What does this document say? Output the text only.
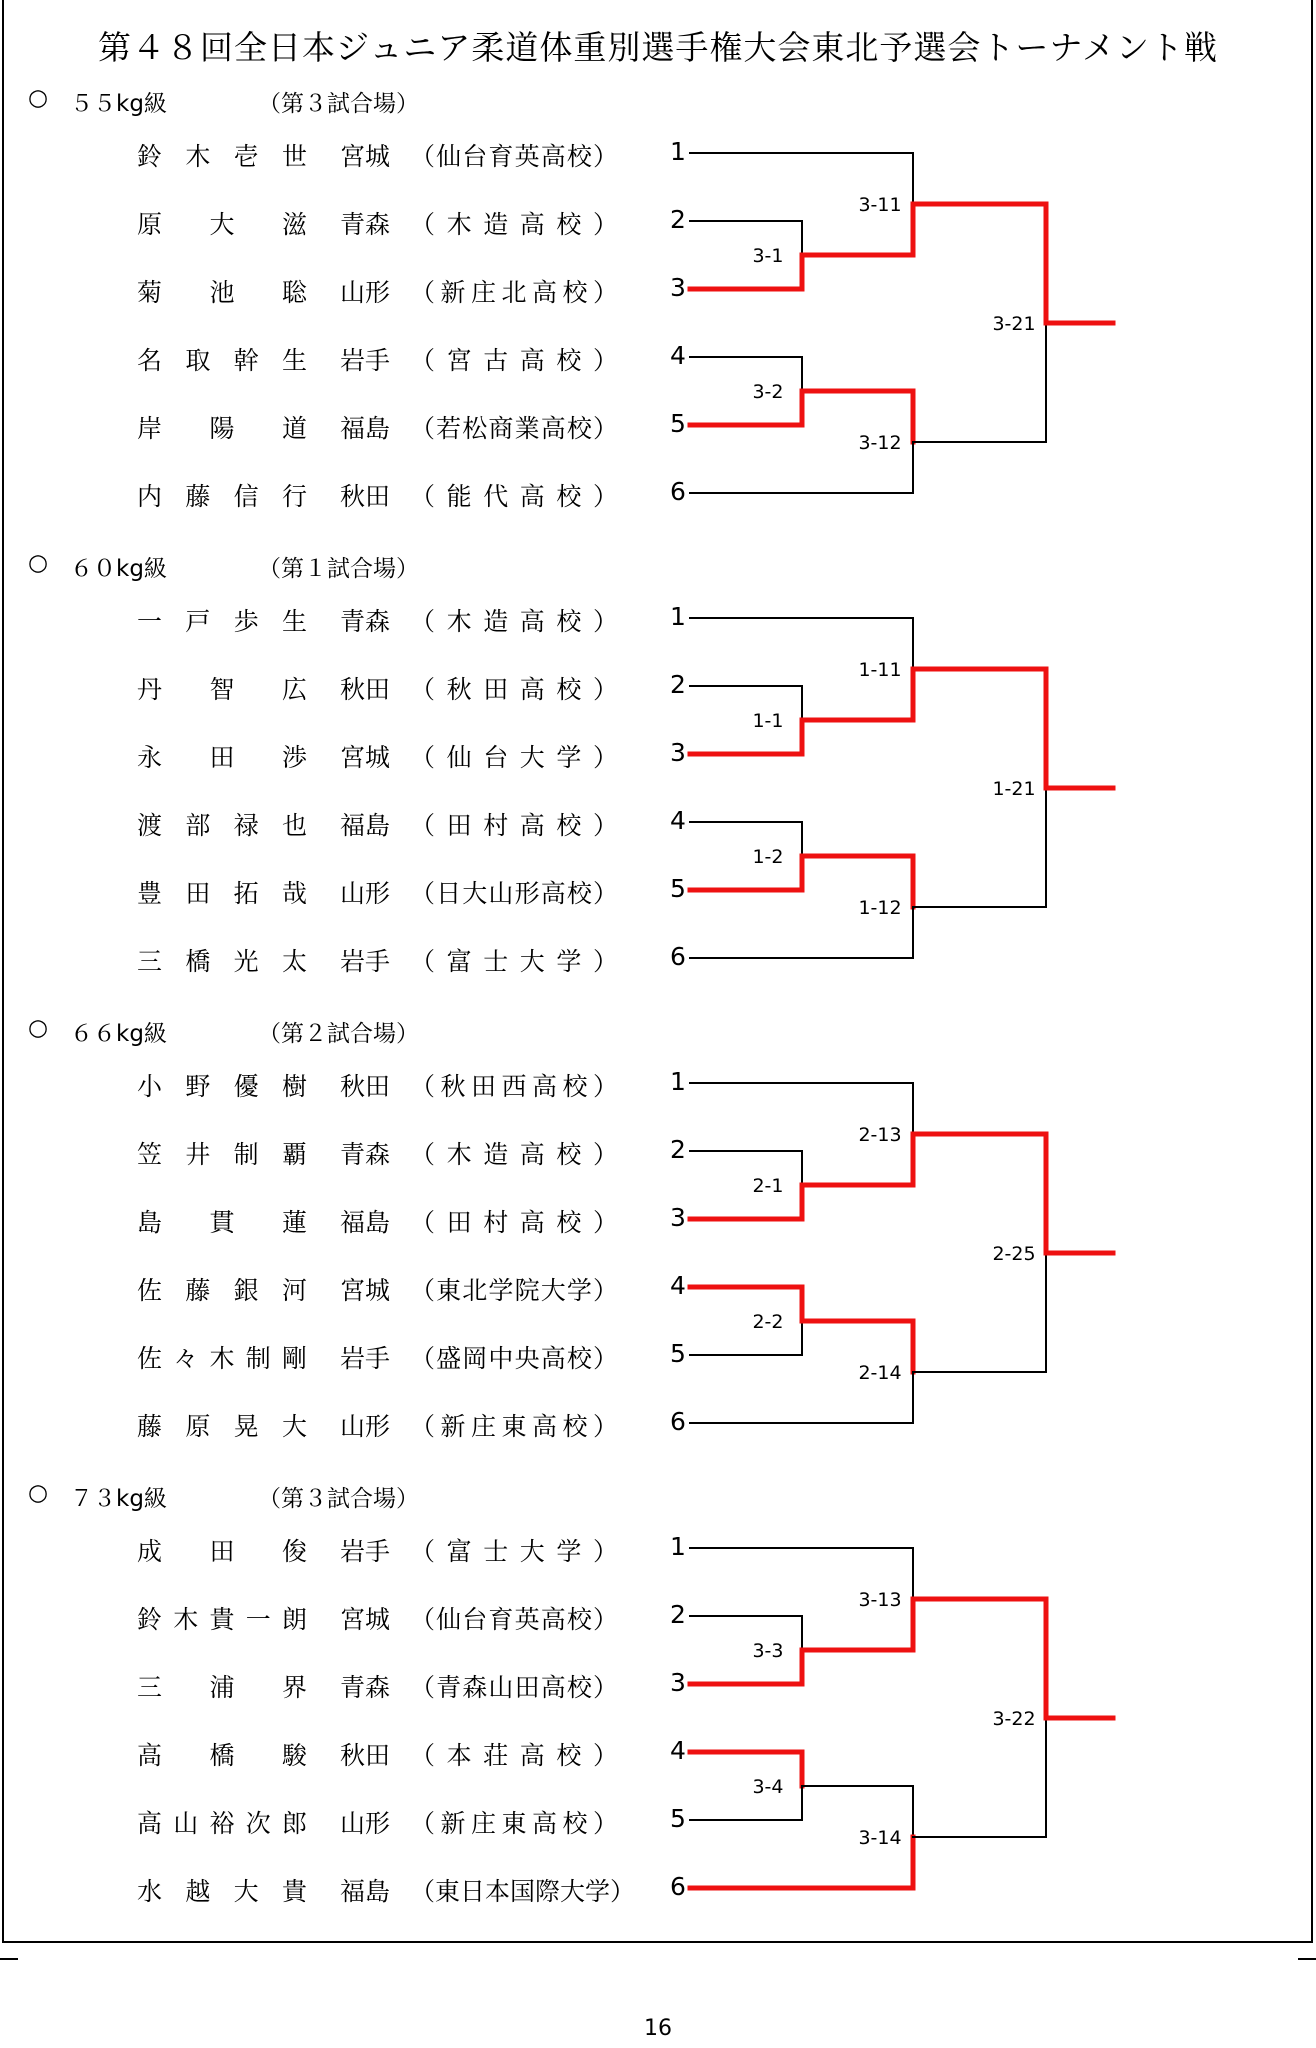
第４８回全日本ジュニア柔道体重別選手権大会東北予選会トーナメント戦
○ ５５kg級	（第３試合場）
鈴木壱世 宮城 （仙台育英高校） 1
原大滋 青森 （木造高校） 2
菊池聡 山形 （新庄北高校） 3
名取幹生 岩手 （宮古高校） 4
岸陽道 福島 （若松商業高校） 5
内藤信行 秋田 （能代高校） 6
3-1
3-2
3-11
3-12
3-21
○ ６０kg級	（第１試合場）
一戸歩生 青森 （木造高校） 1
丹智広 秋田 （秋田高校） 2
永田渉 宮城 （仙台大学） 3
渡部禄也 福島 （田村高校） 4
豊田拓哉 山形 （日大山形高校） 5
三橋光太 岩手 （富士大学） 6
1-1
1-2
1-11
1-12
1-21
○ ６６kg級	（第２試合場）
小野優樹 秋田 （秋田西高校） 1
笠井制覇 青森 （木造高校） 2
島貫蓮 福島 （田村高校） 3
佐藤銀河 宮城 （東北学院大学） 4
佐々木制剛 岩手 （盛岡中央高校） 5
藤原晃大 山形 （新庄東高校） 6
2-1
2-2
2-13
2-14
2-25
○ ７３kg級	（第３試合場）
成田俊 岩手 （富士大学） 1
鈴木貴一朗 宮城 （仙台育英高校） 2
三浦界 青森 （青森山田高校） 3
高橋駿 秋田 （本荘高校） 4
高山裕次郎 山形 （新庄東高校） 5
水越大貴 福島 （東日本国際大学） 6
3-3
3-4
3-13
3-14
3-22
16
